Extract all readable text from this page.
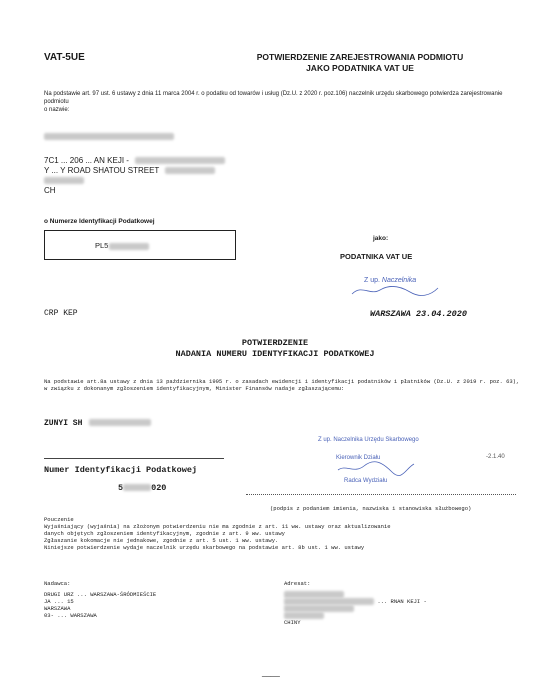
VAT-5UE	POTWIERDZENIE ZAREJESTROWANIA PODMIOTU
JAKO PODATNIKA VAT UE
Na podstawie art. 97 ust. 6 ustawy z dnia 11 marca 2004 r. o podatku od towarów i usług (Dz.U. z 2020 r. poz.106) naczelnik urzędu skarbowego potwierdza zarejestrowanie podmiotu
o nazwie:
7C1 ... 206 ... AN KEJI -
Y ... Y ROAD SHATOU STREET
CH
o Numerze Identyfikacji Podatkowej
PL5
jako:
PODATNIKA VAT UE
Z up. Naczelnika
CRP KEP	WARSZAWA 23.04.2020
POTWIERDZENIE
NADANIA NUMERU IDENTYFIKACJI PODATKOWEJ
Na podstawie art.8a ustawy z dnia 13 października 1995 r. o zasadach ewidencji i identyfikacji podatników i płatników (Dz.U. z 2019 r. poz. 63), w związku z dokonanym zgłoszeniem identyfikacyjnym, Minister Finansów nadaje zgłaszającemu:
ZUNYI SH
Numer Identyfikacji Podatkowej
5	020
Z up. Naczelnika Urzędu Skarbowego
Kierownik Działu
Radca Wydziału
-2.1.40
(podpis z podaniem imienia, nazwiska i stanowiska służbowego)
Pouczenie
Wyjaśniający (wyjaśnia) na złożonym potwierdzeniu nie ma zgodnie z art. 11 ww. ustawy oraz aktualizowanie
danych objętych zgłoszeniem identyfikacyjnym, zgodnie z art. 9 ww. ustawy
Zgłaszanie kokomacje nie jednakowe, zgodnie z art. 5 ust. 1 ww. ustawy.
Niniejsze potwierdzenie wydaje naczelnik urzędu skarbowego na podstawie art. 8b ust. 1 ww. ustawy
Nadawca:
DRUGI URZ ... WARSZAWA-ŚRÓDMIEŚCIE
JA ... 15
WARSZAWA
03- ... WARSZAWA
Adresat:
... RNAN KEJI -
CHINY
____
